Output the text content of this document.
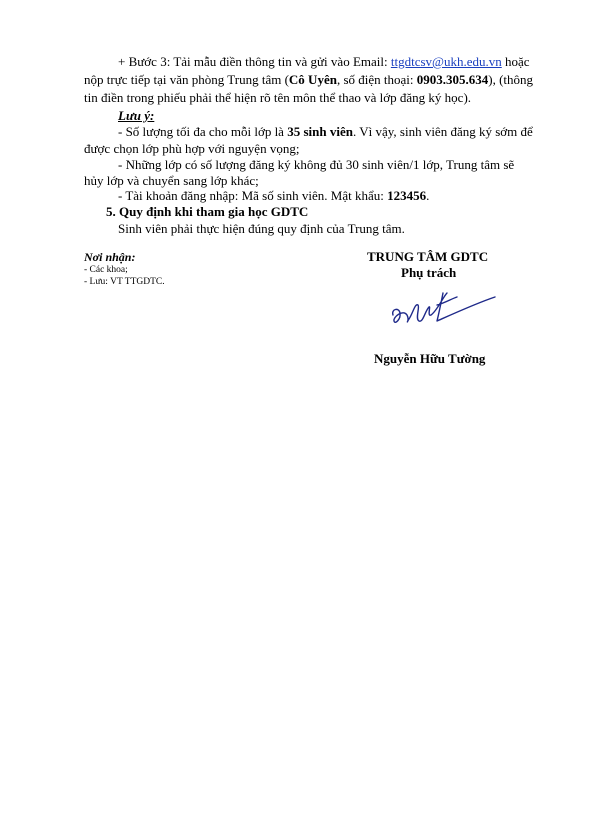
+ Bước 3: Tải mẫu điền thông tin và gửi vào Email: ttgdtcsv@ukh.edu.vn hoặc
nộp trực tiếp tại văn phòng Trung tâm (Cô Uyên, số điện thoại: 0903.305.634), (thông
tin điền trong phiếu phải thể hiện rõ tên môn thể thao và lớp đăng ký học).
Lưu ý:
- Số lượng tối đa cho mỗi lớp là 35 sinh viên. Vì vậy, sinh viên đăng ký sớm để
được chọn lớp phù hợp với nguyện vọng;
- Những lớp có số lượng đăng ký không đủ 30 sinh viên/1 lớp, Trung tâm sẽ
hủy lớp và chuyển sang lớp khác;
- Tài khoản đăng nhập: Mã số sinh viên. Mật khẩu: 123456.
5. Quy định khi tham gia học GDTC
Sinh viên phải thực hiện đúng quy định của Trung tâm.
Nơi nhận:
- Các khoa;
- Lưu: VT TTGDTC.
TRUNG TÂM GDTC
Phụ trách
Nguyễn Hữu Tường
